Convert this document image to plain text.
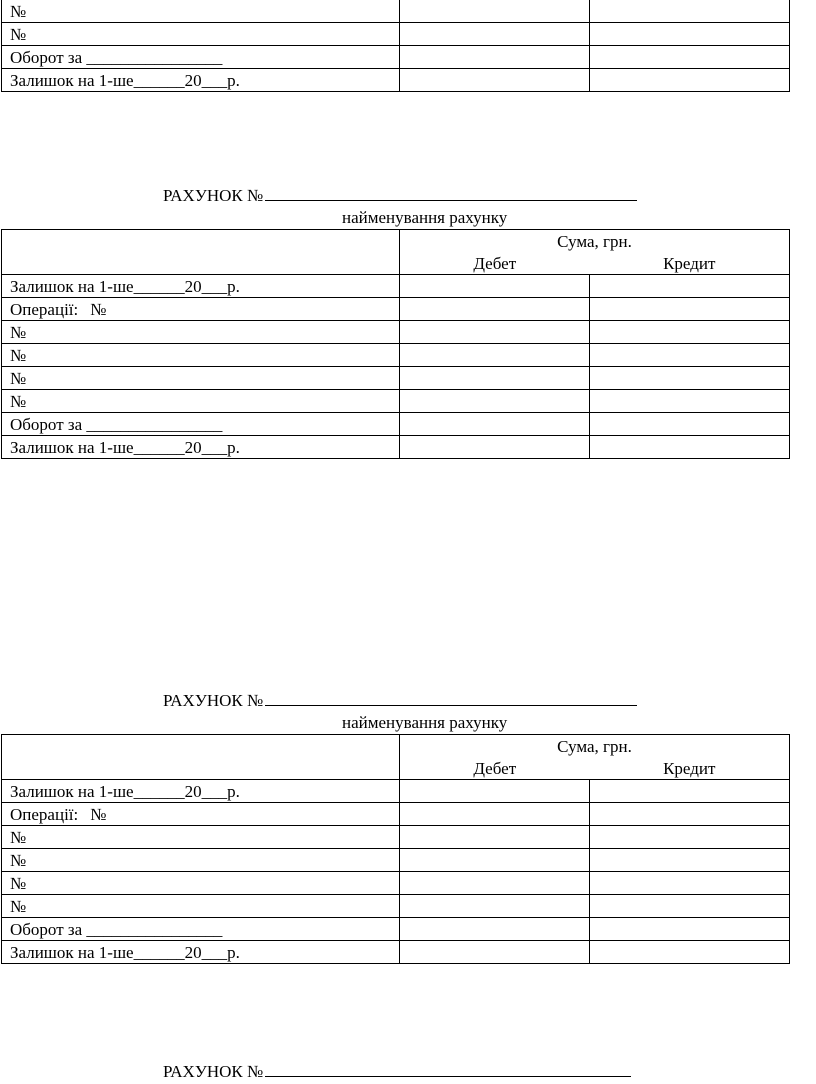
№		
№		
Оборот за ________________		
Залишок на 1-ше______20___р.		
РАХУНОК №
найменування рахунку
	Сума, грн.	
	Дебет	Кредит
Залишок на 1-ше______20___р.		
Операції: №		
№		
№		
№		
№		
Оборот за ________________		
Залишок на 1-ше______20___р.		
РАХУНОК №
найменування рахунку
	Сума, грн.	
	Дебет	Кредит
Залишок на 1-ше______20___р.		
Операції: №		
№		
№		
№		
№		
Оборот за ________________		
Залишок на 1-ше______20___р.		
РАХУНОК №
